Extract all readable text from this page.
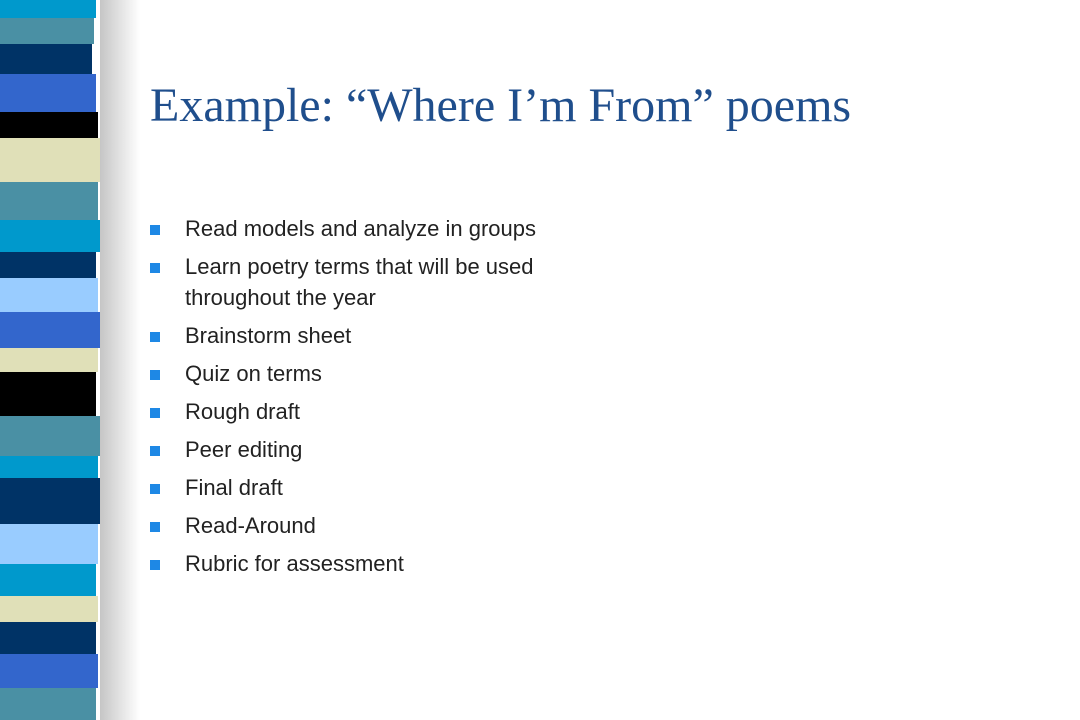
Example: “Where I’m From” poems
Read models and analyze in groups
Learn poetry terms that will be used throughout the year
Brainstorm sheet
Quiz on terms
Rough draft
Peer editing
Final draft
Read-Around
Rubric for assessment
